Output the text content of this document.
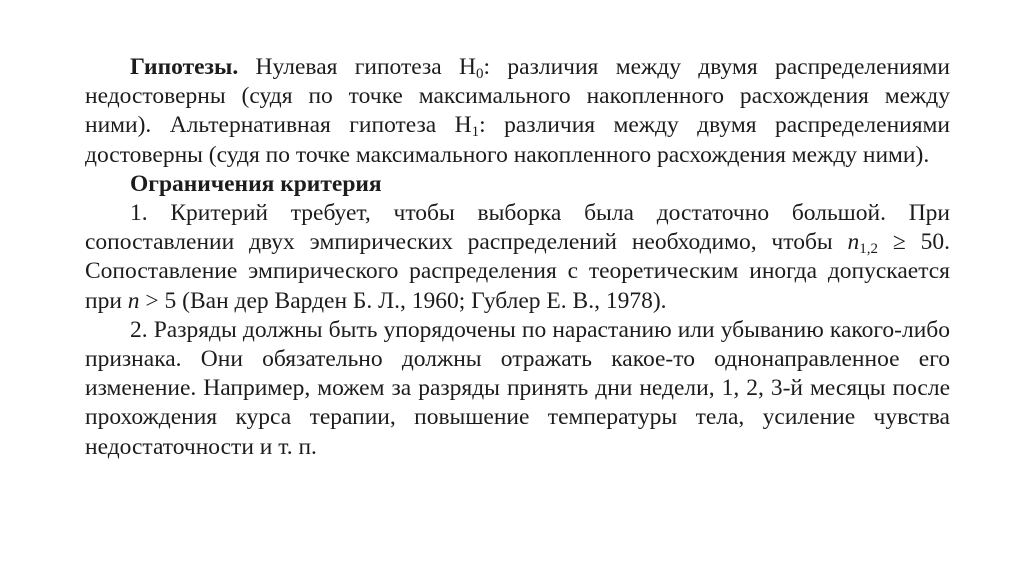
Гипотезы. Нулевая гипотеза $H_0$: различия между двумя распределениями недостоверны (судя по точке максимального накопленного расхождения между ними). Альтернативная гипотеза $H_1$: различия между двумя распределениями достоверны (судя по точке максимального накопленного расхождения между ними).

Ограничения критерия

1. Критерий требует, чтобы выборка была достаточно большой. При сопоставлении двух эмпирических распределений необходимо, чтобы $n_{1,2} \ge 50$. Сопоставление эмпирического распределения с теоретическим иногда допускается при n > 5 (Ван дер Варден Б. Л., 1960; Гублер Е. В., 1978).

2. Разряды должны быть упорядочены по нарастанию или убыванию какого-либо признака. Они обязательно должны отражать какое-то однонаправленное его изменение. Например, можем за разряды принять дни недели, 1, 2, 3-й месяцы после прохождения курса терапии, повышение температуры тела, усиление чувства недостаточности и т. п.
